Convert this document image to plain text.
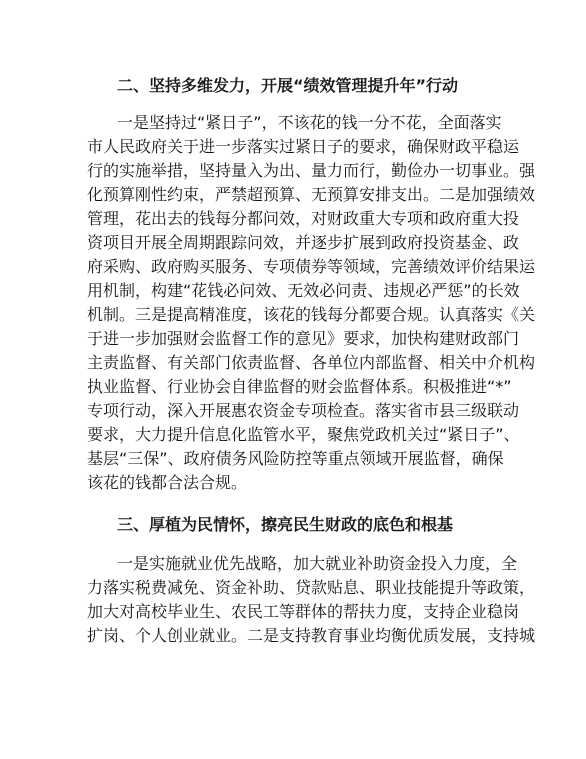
二、坚持多维发力，开展“绩效管理提升年”行动
一是坚持过“紧日子”，不该花的钱一分不花，全面落实
市人民政府关于进一步落实过紧日子的要求，确保财政平稳运
行的实施举措，坚持量入为出、量力而行，勤俭办一切事业。强
化预算刚性约束，严禁超预算、无预算安排支出。二是加强绩效
管理，花出去的钱每分都问效，对财政重大专项和政府重大投
资项目开展全周期跟踪问效，并逐步扩展到政府投资基金、政
府采购、政府购买服务、专项债券等领域，完善绩效评价结果运
用机制，构建“花钱必问效、无效必问责、违规必严惩”的长效
机制。三是提高精准度，该花的钱每分都要合规。认真落实《关
于进一步加强财会监督工作的意见》要求，加快构建财政部门
主责监督、有关部门依责监督、各单位内部监督、相关中介机构
执业监督、行业协会自律监督的财会监督体系。积极推进“*”
专项行动，深入开展惠农资金专项检查。落实省市县三级联动
要求，大力提升信息化监管水平，聚焦党政机关过“紧日子”、
基层“三保”、政府债务风险防控等重点领域开展监督，确保
该花的钱都合法合规。
三、厚植为民情怀，擦亮民生财政的底色和根基
一是实施就业优先战略，加大就业补助资金投入力度，全
力落实税费减免、资金补助、贷款贴息、职业技能提升等政策，
加大对高校毕业生、农民工等群体的帮扶力度，支持企业稳岗
扩岗、个人创业就业。二是支持教育事业均衡优质发展，支持城
